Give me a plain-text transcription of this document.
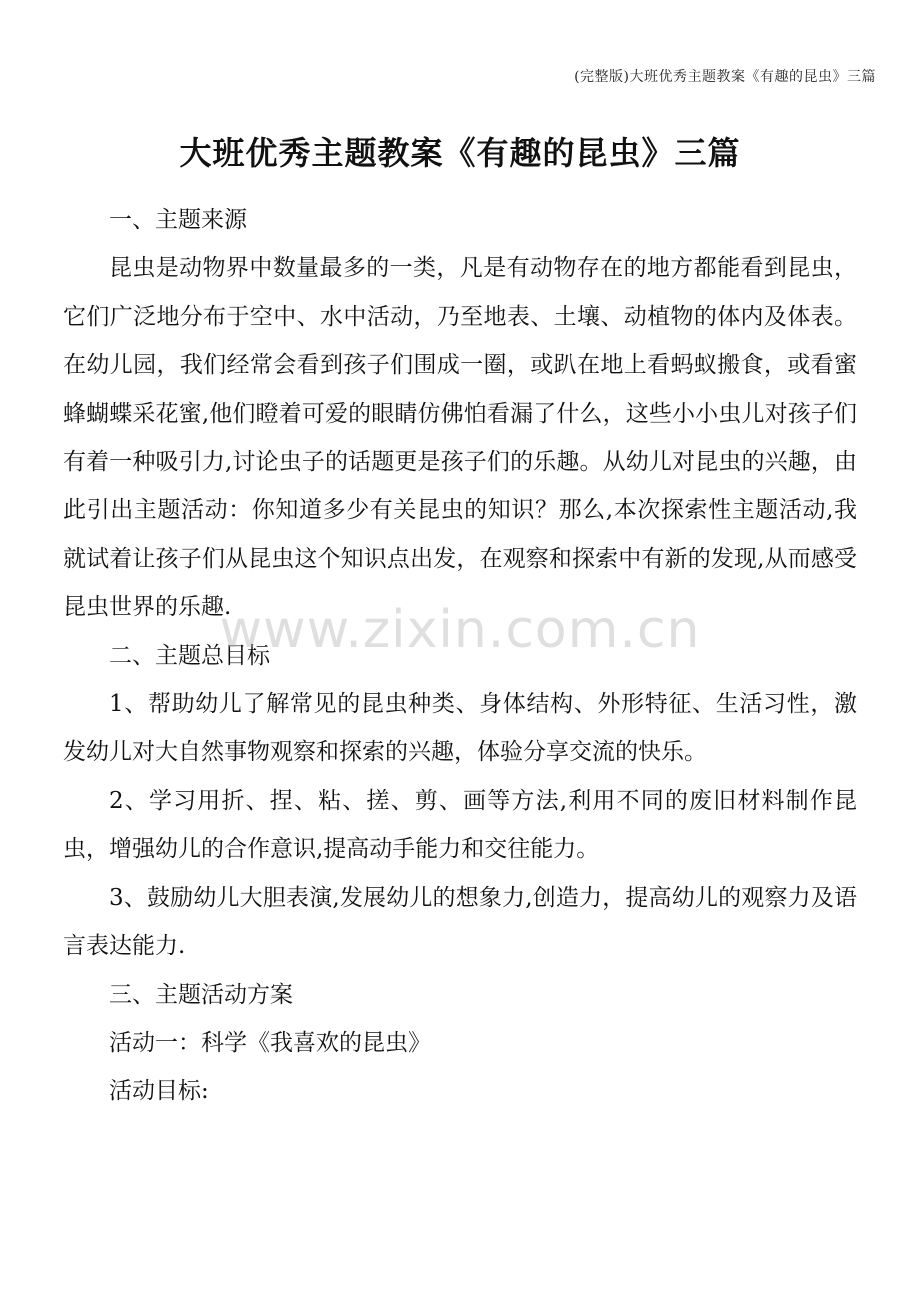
(完整版)大班优秀主题教案《有趣的昆虫》三篇
大班优秀主题教案《有趣的昆虫》三篇

一、主题来源

昆虫是动物界中数量最多的一类，凡是有动物存在的地方都能看到昆虫，它们广泛地分布于空中、水中活动，乃至地表、土壤、动植物的体内及体表。在幼儿园，我们经常会看到孩子们围成一圈，或趴在地上看蚂蚁搬食，或看蜜蜂蝴蝶采花蜜,他们瞪着可爱的眼睛仿佛怕看漏了什么，这些小小虫儿对孩子们有着一种吸引力,讨论虫子的话题更是孩子们的乐趣。从幼儿对昆虫的兴趣，由此引出主题活动：你知道多少有关昆虫的知识？那么,本次探索性主题活动,我就试着让孩子们从昆虫这个知识点出发，在观察和探索中有新的发现,从而感受昆虫世界的乐趣.

二、主题总目标

1、帮助幼儿了解常见的昆虫种类、身体结构、外形特征、生活习性，激发幼儿对大自然事物观察和探索的兴趣，体验分享交流的快乐。

2、学习用折、捏、粘、搓、剪、画等方法,利用不同的废旧材料制作昆虫，增强幼儿的合作意识,提高动手能力和交往能力。

3、鼓励幼儿大胆表演,发展幼儿的想象力,创造力，提高幼儿的观察力及语言表达能力.

三、主题活动方案

活动一：科学《我喜欢的昆虫》

活动目标:

www.zixin.com.cn
